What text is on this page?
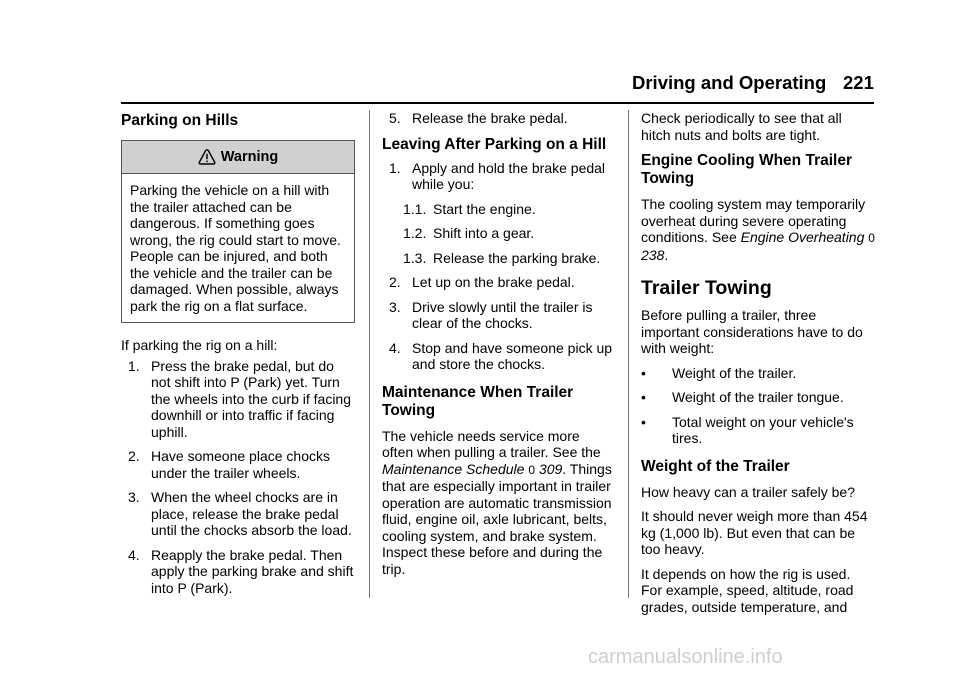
Driving and Operating 221

Parking on Hills

Warning
Parking the vehicle on a hill with the trailer attached can be dangerous. If something goes wrong, the rig could start to move. People can be injured, and both the vehicle and the trailer can be damaged. When possible, always park the rig on a flat surface.

If parking the rig on a hill:

1. Press the brake pedal, but do not shift into P (Park) yet. Turn the wheels into the curb if facing downhill or into traffic if facing uphill.
2. Have someone place chocks under the trailer wheels.
3. When the wheel chocks are in place, release the brake pedal until the chocks absorb the load.
4. Reapply the brake pedal. Then apply the parking brake and shift into P (Park).
5. Release the brake pedal.

Leaving After Parking on a Hill

1. Apply and hold the brake pedal while you:
1.1. Start the engine.
1.2. Shift into a gear.
1.3. Release the parking brake.
2. Let up on the brake pedal.
3. Drive slowly until the trailer is clear of the chocks.
4. Stop and have someone pick up and store the chocks.

Maintenance When Trailer Towing

The vehicle needs service more often when pulling a trailer. See the Maintenance Schedule 0 309. Things that are especially important in trailer operation are automatic transmission fluid, engine oil, axle lubricant, belts, cooling system, and brake system. Inspect these before and during the trip.

Check periodically to see that all hitch nuts and bolts are tight.

Engine Cooling When Trailer Towing

The cooling system may temporarily overheat during severe operating conditions. See Engine Overheating 0 238.

Trailer Towing

Before pulling a trailer, three important considerations have to do with weight:

•	Weight of the trailer.
•	Weight of the trailer tongue.
•	Total weight on your vehicle's tires.

Weight of the Trailer

How heavy can a trailer safely be?

It should never weigh more than 454 kg (1,000 lb). But even that can be too heavy.

It depends on how the rig is used. For example, speed, altitude, road grades, outside temperature, and

carmanualsonline.info
